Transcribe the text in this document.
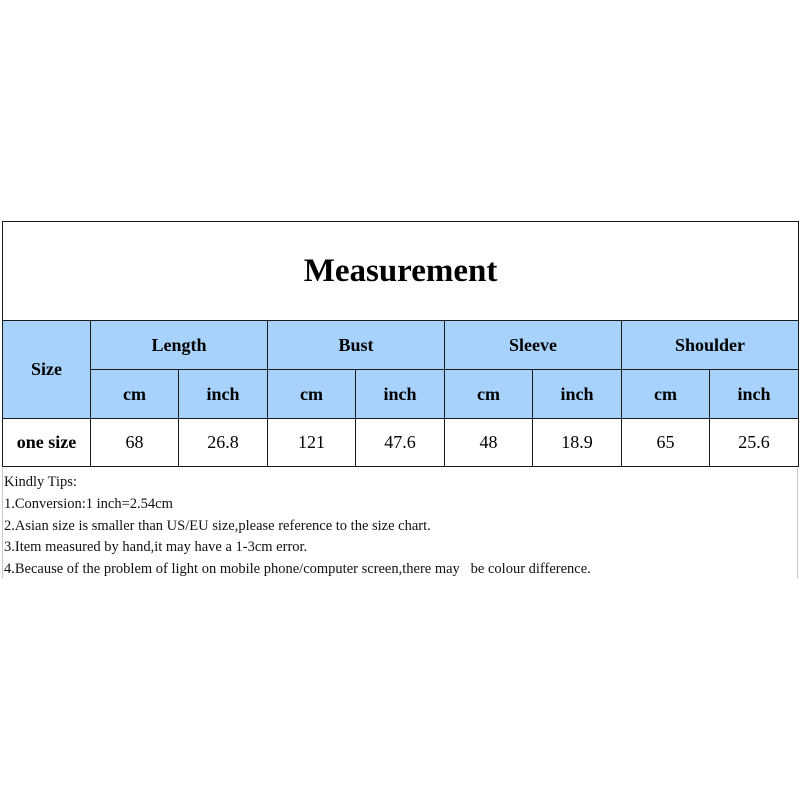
Measurement								
Size	Length		Bust		Sleeve		Shoulder	
	cm	inch	cm	inch	cm	inch	cm	inch
one size	68	26.8	121	47.6	48	18.9	65	25.6
Kindly Tips:
1.Conversion:1 inch=2.54cm
2.Asian size is smaller than US/EU size,please reference to the size chart.
3.Item measured by hand,it may have a 1-3cm error.
4.Because of the problem of light on mobile phone/computer screen,there may   be colour difference.
